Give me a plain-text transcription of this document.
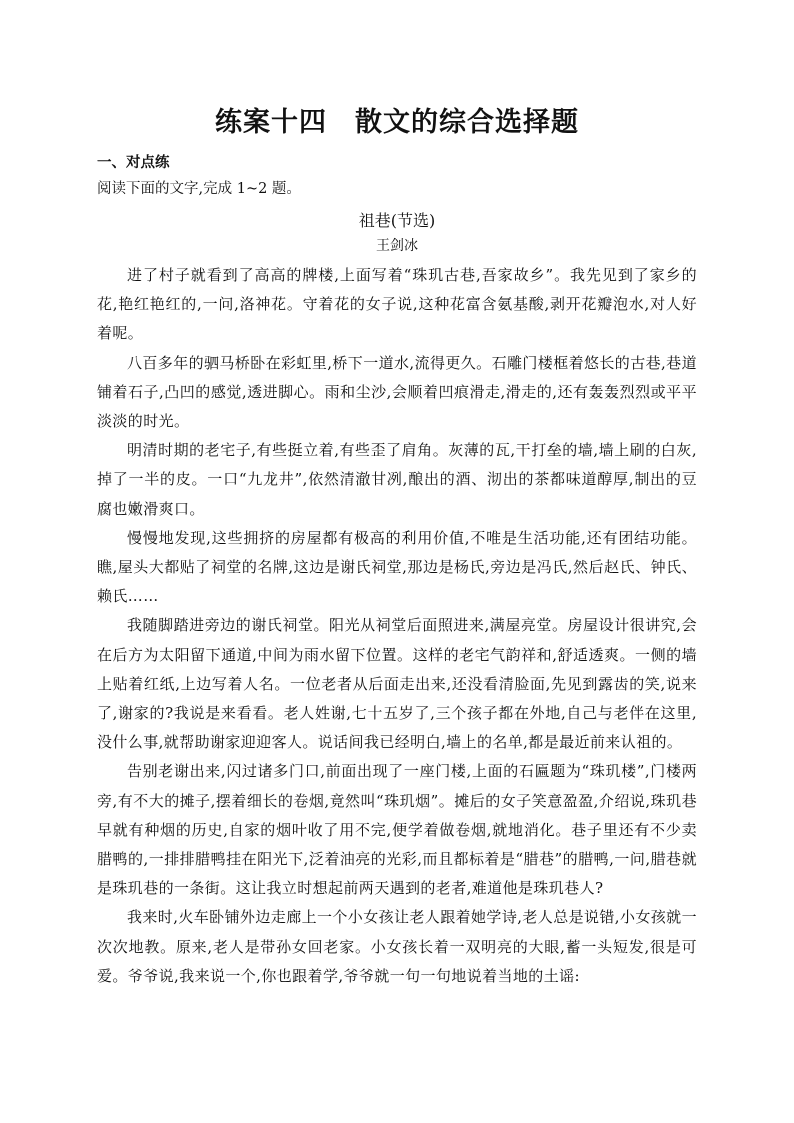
练案十四　散文的综合选择题
一、对点练
阅读下面的文字,完成 1~2 题。
祖巷(节选)
王剑冰

进了村子就看到了高高的牌楼,上面写着“珠玑古巷,吾家故乡”。我先见到了家乡的花,艳红艳红的,一问,洛神花。守着花的女子说,这种花富含氨基酸,剥开花瓣泡水,对人好着呢。

八百多年的驷马桥卧在彩虹里,桥下一道水,流得更久。石雕门楼框着悠长的古巷,巷道铺着石子,凸凹的感觉,透进脚心。雨和尘沙,会顺着凹痕滑走,滑走的,还有轰轰烈烈或平平淡淡的时光。

明清时期的老宅子,有些挺立着,有些歪了肩角。灰薄的瓦,干打垒的墙,墙上刷的白灰,掉了一半的皮。一口“九龙井”,依然清澈甘冽,酿出的酒、沏出的茶都味道醇厚,制出的豆腐也嫩滑爽口。

慢慢地发现,这些拥挤的房屋都有极高的利用价值,不唯是生活功能,还有团结功能。瞧,屋头大都贴了祠堂的名牌,这边是谢氏祠堂,那边是杨氏,旁边是冯氏,然后赵氏、钟氏、赖氏……

我随脚踏进旁边的谢氏祠堂。阳光从祠堂后面照进来,满屋亮堂。房屋设计很讲究,会在后方为太阳留下通道,中间为雨水留下位置。这样的老宅气韵祥和,舒适透爽。一侧的墙上贴着红纸,上边写着人名。一位老者从后面走出来,还没看清脸面,先见到露齿的笑,说来了,谢家的?我说是来看看。老人姓谢,七十五岁了,三个孩子都在外地,自己与老伴在这里,没什么事,就帮助谢家迎迎客人。说话间我已经明白,墙上的名单,都是最近前来认祖的。

告别老谢出来,闪过诸多门口,前面出现了一座门楼,上面的石匾题为“珠玑楼”,门楼两旁,有不大的摊子,摆着细长的卷烟,竟然叫“珠玑烟”。摊后的女子笑意盈盈,介绍说,珠玑巷早就有种烟的历史,自家的烟叶收了用不完,便学着做卷烟,就地消化。巷子里还有不少卖腊鸭的,一排排腊鸭挂在阳光下,泛着油亮的光彩,而且都标着是“腊巷”的腊鸭,一问,腊巷就是珠玑巷的一条街。这让我立时想起前两天遇到的老者,难道他是珠玑巷人?

我来时,火车卧铺外边走廊上一个小女孩让老人跟着她学诗,老人总是说错,小女孩就一次次地教。原来,老人是带孙女回老家。小女孩长着一双明亮的大眼,蓄一头短发,很是可爱。爷爷说,我来说一个,你也跟着学,爷爷就一句一句地说着当地的土谣:
